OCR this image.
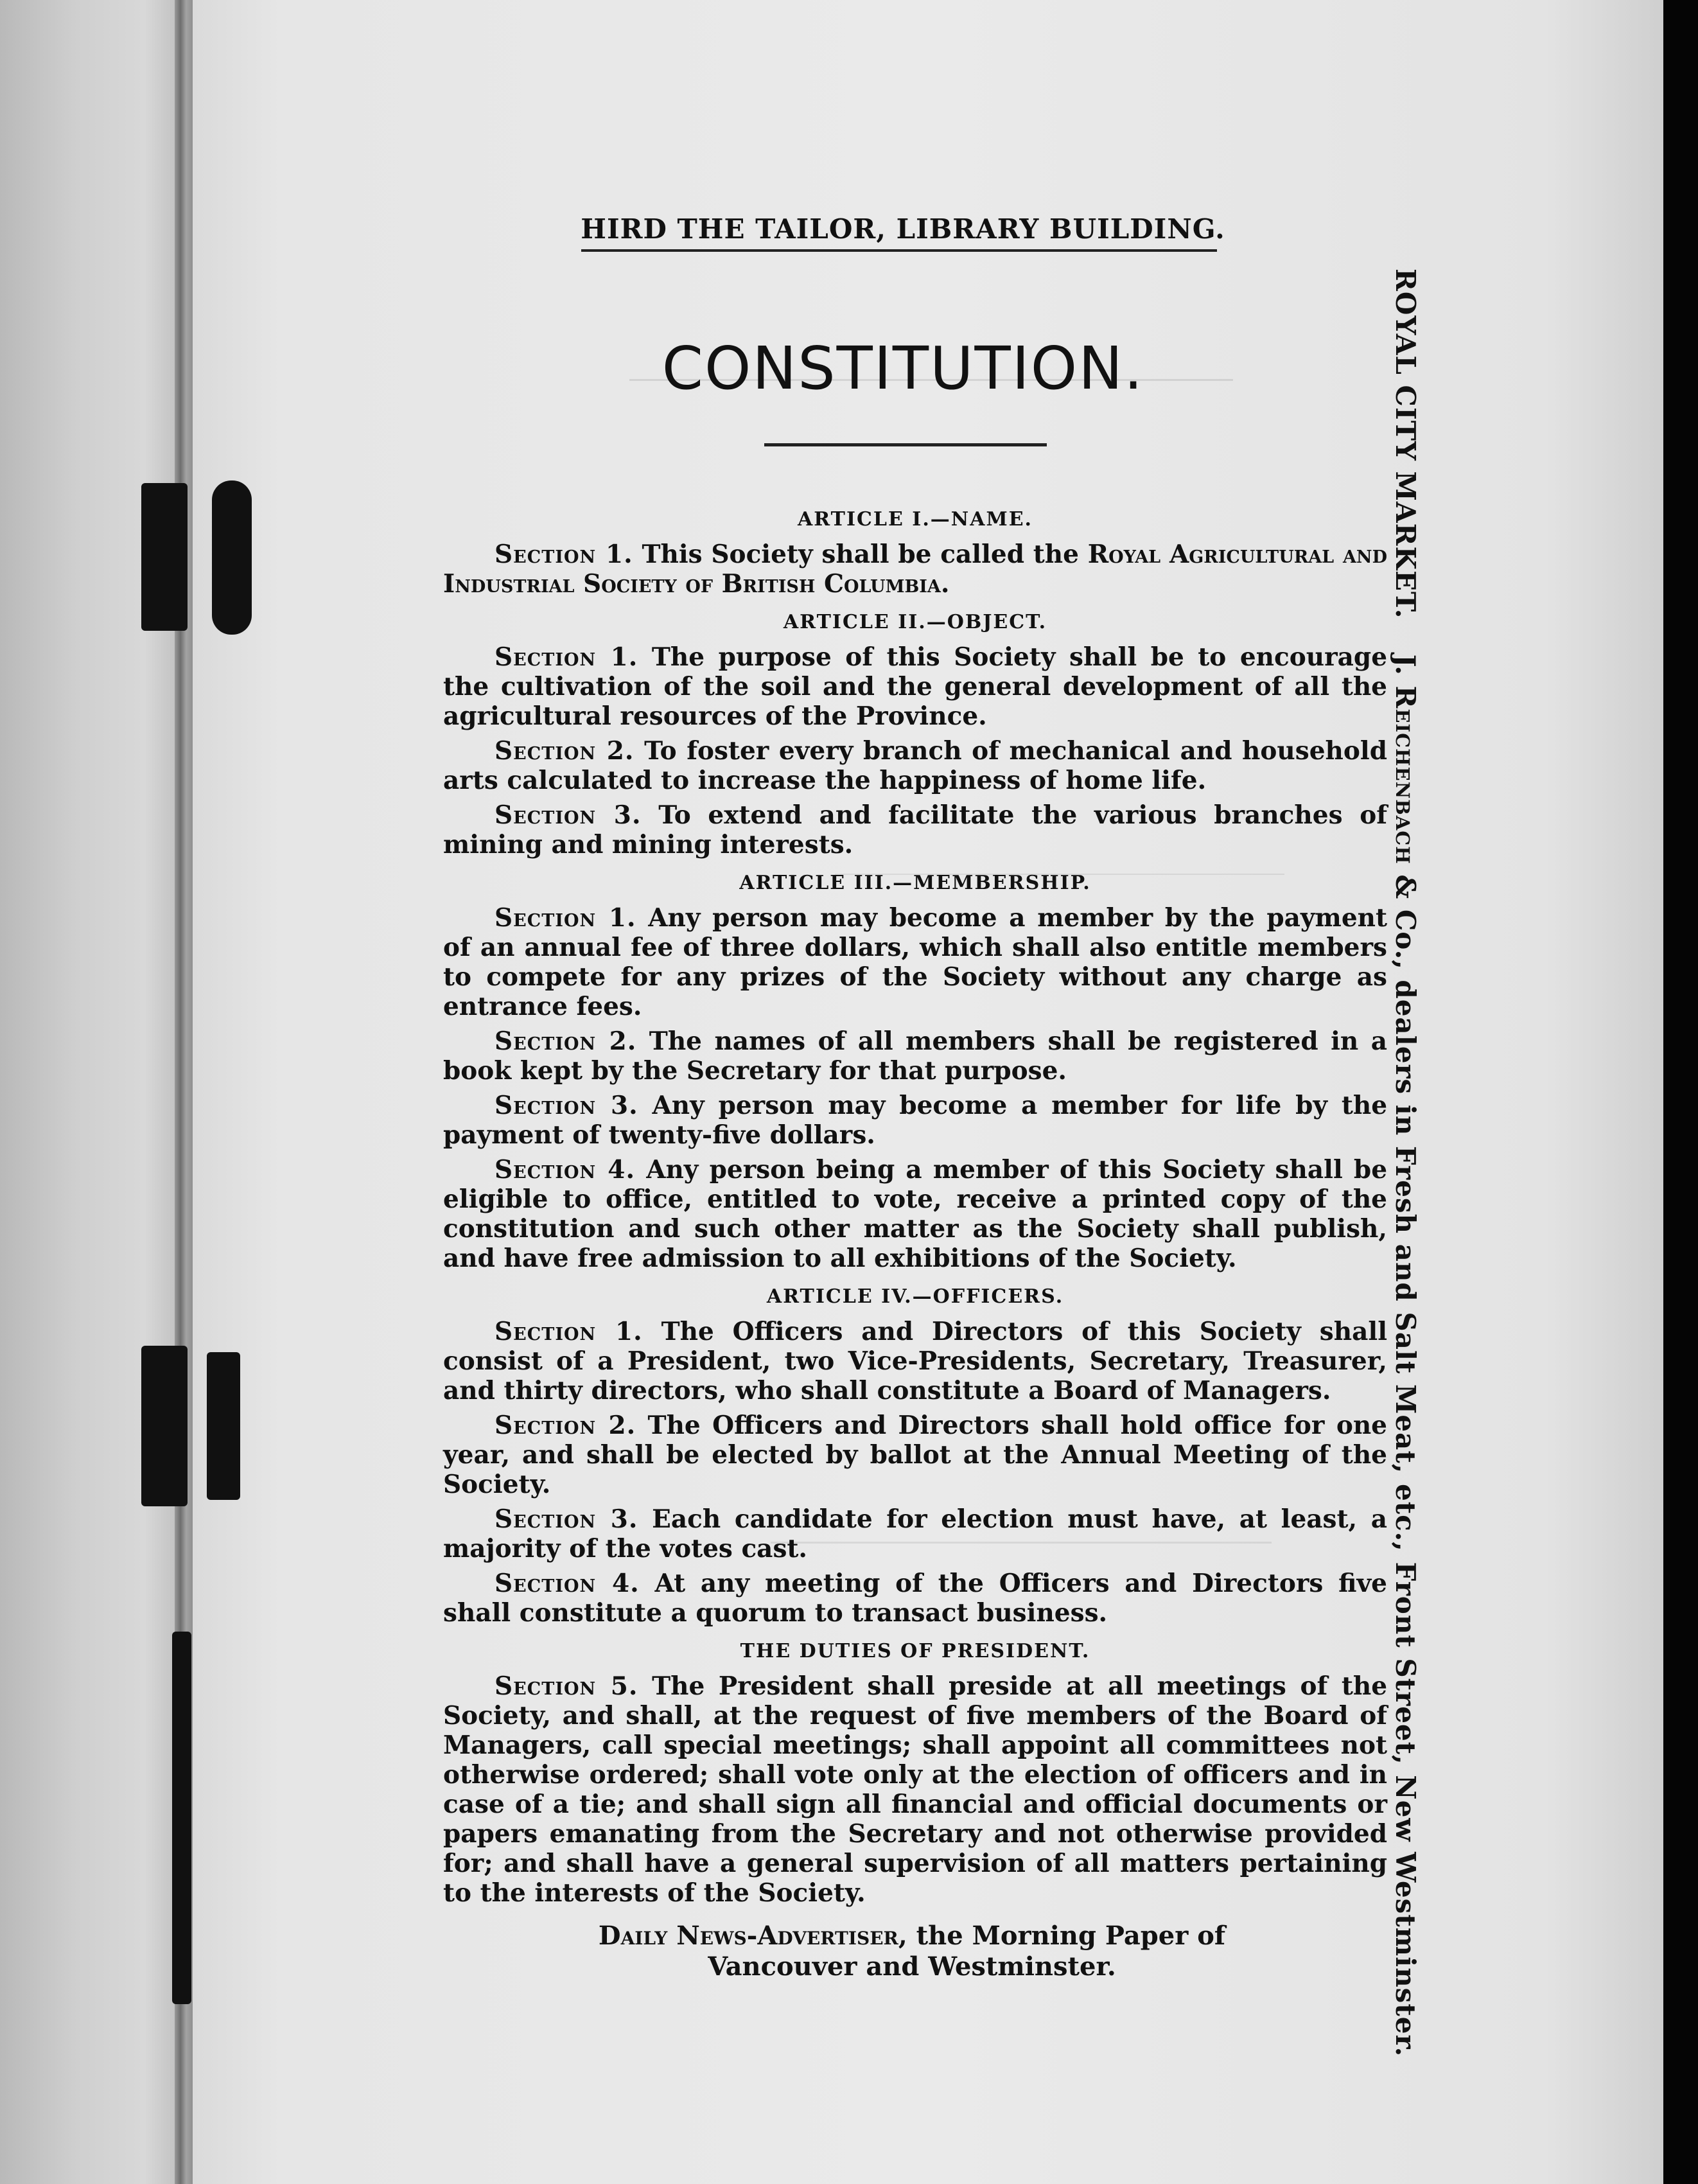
HIRD THE TAILOR, LIBRARY BUILDING.
CONSTITUTION.
ARTICLE I.—NAME.

Section 1. This Society shall be called the Royal Agricultural and Industrial Society of British Columbia.

ARTICLE II.—OBJECT.

Section 1. The purpose of this Society shall be to encourage the cultivation of the soil and the general development of all the agricultural resources of the Province.

Section 2. To foster every branch of mechanical and household arts calculated to increase the happiness of home life.

Section 3. To extend and facilitate the various branches of mining and mining interests.

ARTICLE III.—MEMBERSHIP.

Section 1. Any person may become a member by the payment of an annual fee of three dollars, which shall also entitle members to compete for any prizes of the Society without any charge as entrance fees.

Section 2. The names of all members shall be registered in a book kept by the Secretary for that purpose.

Section 3. Any person may become a member for life by the payment of twenty-five dollars.

Section 4. Any person being a member of this Society shall be eligible to office, entitled to vote, receive a printed copy of the constitution and such other matter as the Society shall publish, and have free admission to all exhibitions of the Society.

ARTICLE IV.—OFFICERS.

Section 1. The Officers and Directors of this Society shall consist of a President, two Vice-Presidents, Secretary, Treasurer, and thirty directors, who shall constitute a Board of Managers.

Section 2. The Officers and Directors shall hold office for one year, and shall be elected by ballot at the Annual Meeting of the Society.

Section 3. Each candidate for election must have, at least, a majority of the votes cast.

Section 4. At any meeting of the Officers and Directors five shall constitute a quorum to transact business.

THE DUTIES OF PRESIDENT.

Section 5. The President shall preside at all meetings of the Society, and shall, at the request of five members of the Board of Managers, call special meetings; shall appoint all committees not otherwise ordered; shall vote only at the election of officers and in case of a tie; and shall sign all financial and official documents or papers emanating from the Secretary and not otherwise provided for; and shall have a general supervision of all matters pertaining to the interests of the Society.

Daily News-Advertiser, the Morning Paper of
Vancouver and Westminster.
ROYAL CITY MARKET.  J. Reichenbach & Co., dealers in Fresh and Salt Meat, etc., Front Street, New Westminster.
